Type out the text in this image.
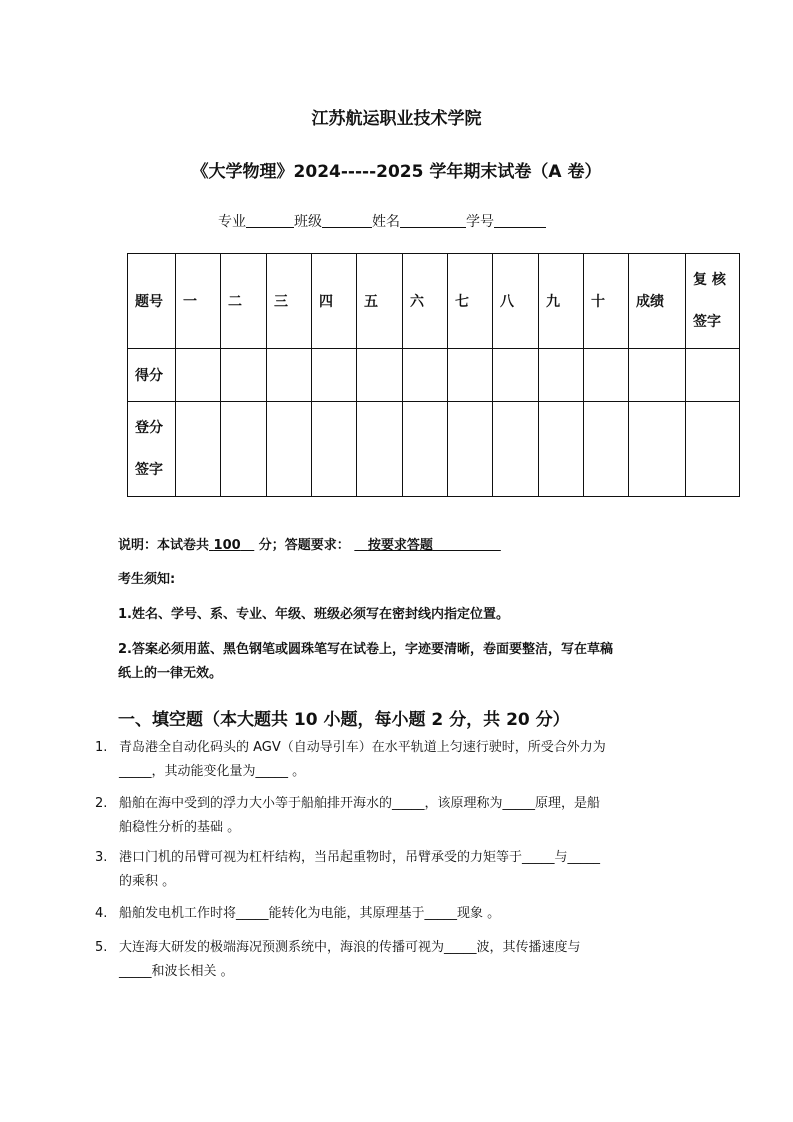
江苏航运职业技术学院
《大学物理》2024-----2025 学年期末试卷（A 卷）
专业	班级	姓名	学号
题号	一	二	三	四	五	六	七	八	九	十	成绩	复 核
签字

得分												

登分
签字												

说明：本试卷共 100 分；答题要求： 按要求答题
考生须知:
1.姓名、学号、系、专业、年级、班级必须写在密封线内指定位置。
2.答案必须用蓝、黑色钢笔或圆珠笔写在试卷上，字迹要清晰，卷面要整洁，写在草稿
纸上的一律无效。
一、填空题（本大题共 10 小题，每小题 2 分，共 20 分）
1. 青岛港全自动化码头的 AGV（自动导引车）在水平轨道上匀速行驶时，所受合外力为
_____，其动能变化量为_____ 。
2. 船舶在海中受到的浮力大小等于船舶排开海水的_____，该原理称为_____原理，是船
舶稳性分析的基础 。
3. 港口门机的吊臂可视为杠杆结构，当吊起重物时，吊臂承受的力矩等于_____与_____
的乘积 。
4. 船舶发电机工作时将_____能转化为电能，其原理基于_____现象 。
5. 大连海大研发的极端海况预测系统中，海浪的传播可视为_____波，其传播速度与
_____和波长相关 。
